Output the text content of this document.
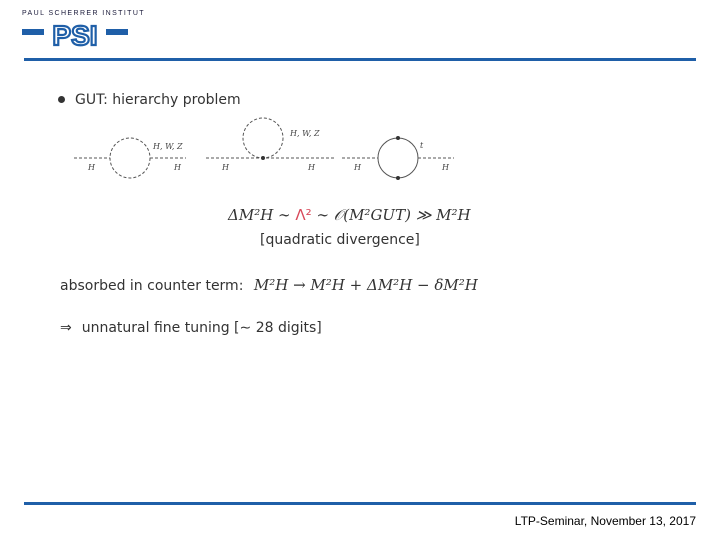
PAUL SCHERRER INSTITUT
PSI
GUT: hierarchy problem
H
H, W, Z
H	H
H, W, Z
H	H
t
H
ΔM²H ∼ Λ² ∼ 𝒪(M²GUT) ≫ M²H
[quadratic divergence]
absorbed in counter term: M²H → M²H + ΔM²H − δM²H
⇒ unnatural fine tuning [∼ 28 digits]
LTP-Seminar, November 13, 2017
